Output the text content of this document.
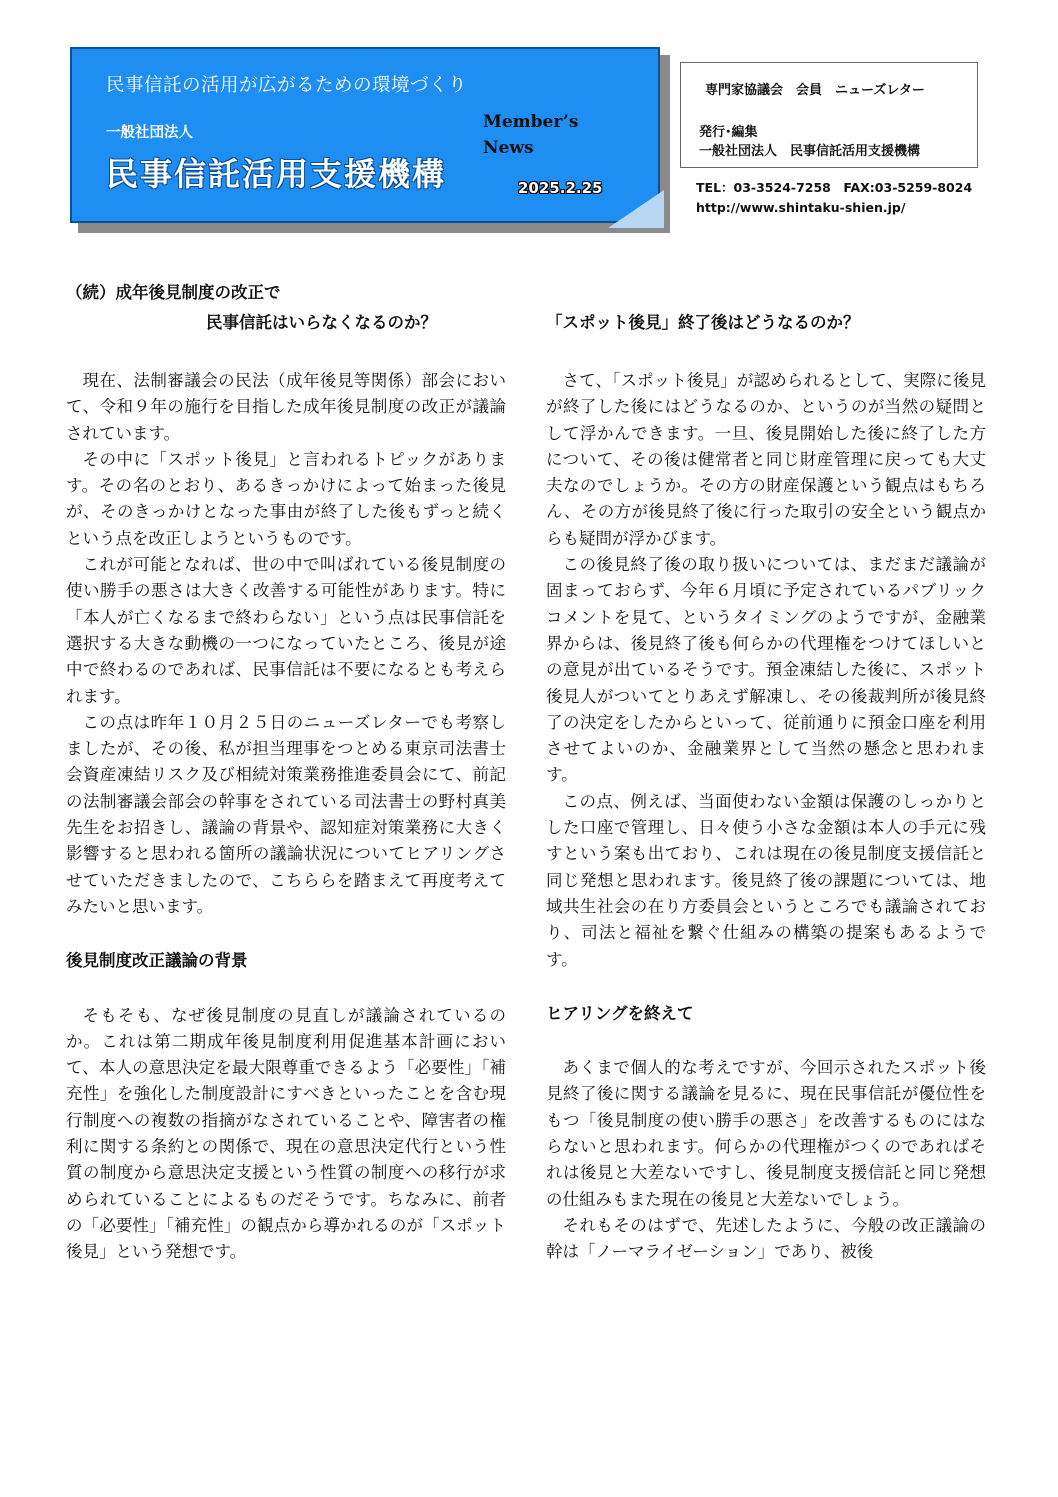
民事信託の活用が広がるための環境づくり
一般社団法人
民事信託活用支援機構
Member’s
News
2025.2.25
専門家協議会　会員　ニューズレター
発行･編集
一般社団法人　民事信託活用支援機構
TEL：03-3524-7258　FAX:03-5259-8024
http://www.shintaku-shien.jp/
（続）成年後見制度の改正で
民事信託はいらなくなるのか？

現在、法制審議会の民法（成年後見等関係）部会において、令和９年の施行を目指した成年後見制度の改正が議論されています。

その中に「スポット後見」と言われるトピックがあります。その名のとおり、あるきっかけによって始まった後見が、そのきっかけとなった事由が終了した後もずっと続くという点を改正しようというものです。

これが可能となれば、世の中で叫ばれている後見制度の使い勝手の悪さは大きく改善する可能性があります。特に「本人が亡くなるまで終わらない」という点は民事信託を選択する大きな動機の一つになっていたところ、後見が途中で終わるのであれば、民事信託は不要になるとも考えられます。

この点は昨年１０月２５日のニューズレターでも考察しましたが、その後、私が担当理事をつとめる東京司法書士会資産凍結リスク及び相続対策業務推進委員会にて、前記の法制審議会部会の幹事をされている司法書士の野村真美先生をお招きし、議論の背景や、認知症対策業務に大きく影響すると思われる箇所の議論状況についてヒアリングさせていただきましたので、こちららを踏まえて再度考えてみたいと思います。

後見制度改正議論の背景

そもそも、なぜ後見制度の見直しが議論されているのか。これは第二期成年後見制度利用促進基本計画において、本人の意思決定を最大限尊重できるよう「必要性」「補充性」を強化した制度設計にすべきといったことを含む現行制度への複数の指摘がなされていることや、障害者の権利に関する条約との関係で、現在の意思決定代行という性質の制度から意思決定支援という性質の制度への移行が求められていることによるものだそうです。ちなみに、前者の「必要性」「補充性」の観点から導かれるのが「スポット後見」という発想です。

「スポット後見」終了後はどうなるのか？

さて、「スポット後見」が認められるとして、実際に後見が終了した後にはどうなるのか、というのが当然の疑問として浮かんできます。一旦、後見開始した後に終了した方について、その後は健常者と同じ財産管理に戻っても大丈夫なのでしょうか。その方の財産保護という観点はもちろん、その方が後見終了後に行った取引の安全という観点からも疑問が浮かびます。

この後見終了後の取り扱いについては、まだまだ議論が固まっておらず、今年６月頃に予定されているパブリックコメントを見て、というタイミングのようですが、金融業界からは、後見終了後も何らかの代理権をつけてほしいとの意見が出ているそうです。預金凍結した後に、スポット後見人がついてとりあえず解凍し、その後裁判所が後見終了の決定をしたからといって、従前通りに預金口座を利用させてよいのか、金融業界として当然の懸念と思われます。

この点、例えば、当面使わない金額は保護のしっかりとした口座で管理し、日々使う小さな金額は本人の手元に残すという案も出ており、これは現在の後見制度支援信託と同じ発想と思われます。後見終了後の課題については、地域共生社会の在り方委員会というところでも議論されており、司法と福祉を繋ぐ仕組みの構築の提案もあるようです。

ヒアリングを終えて

あくまで個人的な考えですが、今回示されたスポット後見終了後に関する議論を見るに、現在民事信託が優位性をもつ「後見制度の使い勝手の悪さ」を改善するものにはならないと思われます。何らかの代理権がつくのであればそれは後見と大差ないですし、後見制度支援信託と同じ発想の仕組みもまた現在の後見と大差ないでしょう。

それもそのはずで、先述したように、今般の改正議論の幹は「ノーマライゼーション」であり、被後
